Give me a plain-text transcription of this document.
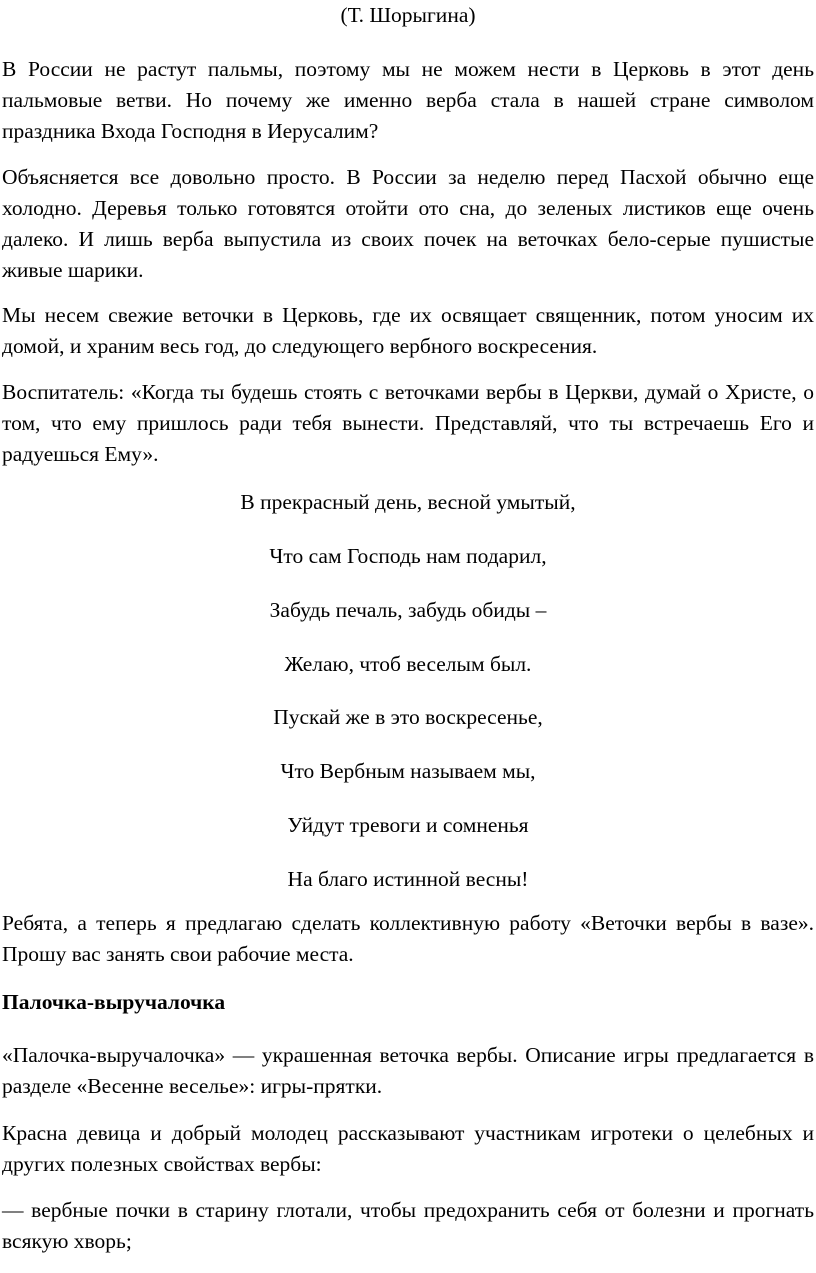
(Т. Шорыгина)

В России не растут пальмы, поэтому мы не можем нести в Церковь в этот день пальмовые ветви. Но почему же именно верба стала в нашей стране символом праздника Входа Господня в Иерусалим?

Объясняется все довольно просто. В России за неделю перед Пасхой обычно еще холодно. Деревья только готовятся отойти ото сна, до зеленых листиков еще очень далеко. И лишь верба выпустила из своих почек на веточках бело-серые пушистые живые шарики.

Мы несем свежие веточки в Церковь, где их освящает священник, потом уносим их домой, и храним весь год, до следующего вербного воскресения.

Воспитатель: «Когда ты будешь стоять с веточками вербы в Церкви, думай о Христе, о том, что ему пришлось ради тебя вынести. Представляй, что ты встречаешь Его и радуешься Ему».

В прекрасный день, весной умытый,

Что сам Господь нам подарил,

Забудь печаль, забудь обиды –

Желаю, чтоб веселым был.

Пускай же в это воскресенье,

Что Вербным называем мы,

Уйдут тревоги и сомненья

На благо истинной весны!

Ребята, а теперь я предлагаю сделать коллективную работу «Веточки вербы в вазе». Прошу вас занять свои рабочие места.

Палочка-выручалочка

«Палочка-выручалочка» — украшенная веточка вербы. Описание игры предлагается в разделе «Весенне веселье»: игры-прятки.

Красна девица и добрый молодец рассказывают участникам игротеки о целебных и других полезных свойствах вербы:

— вербные почки в старину глотали, чтобы предохранить себя от болезни и прогнать всякую хворь;
